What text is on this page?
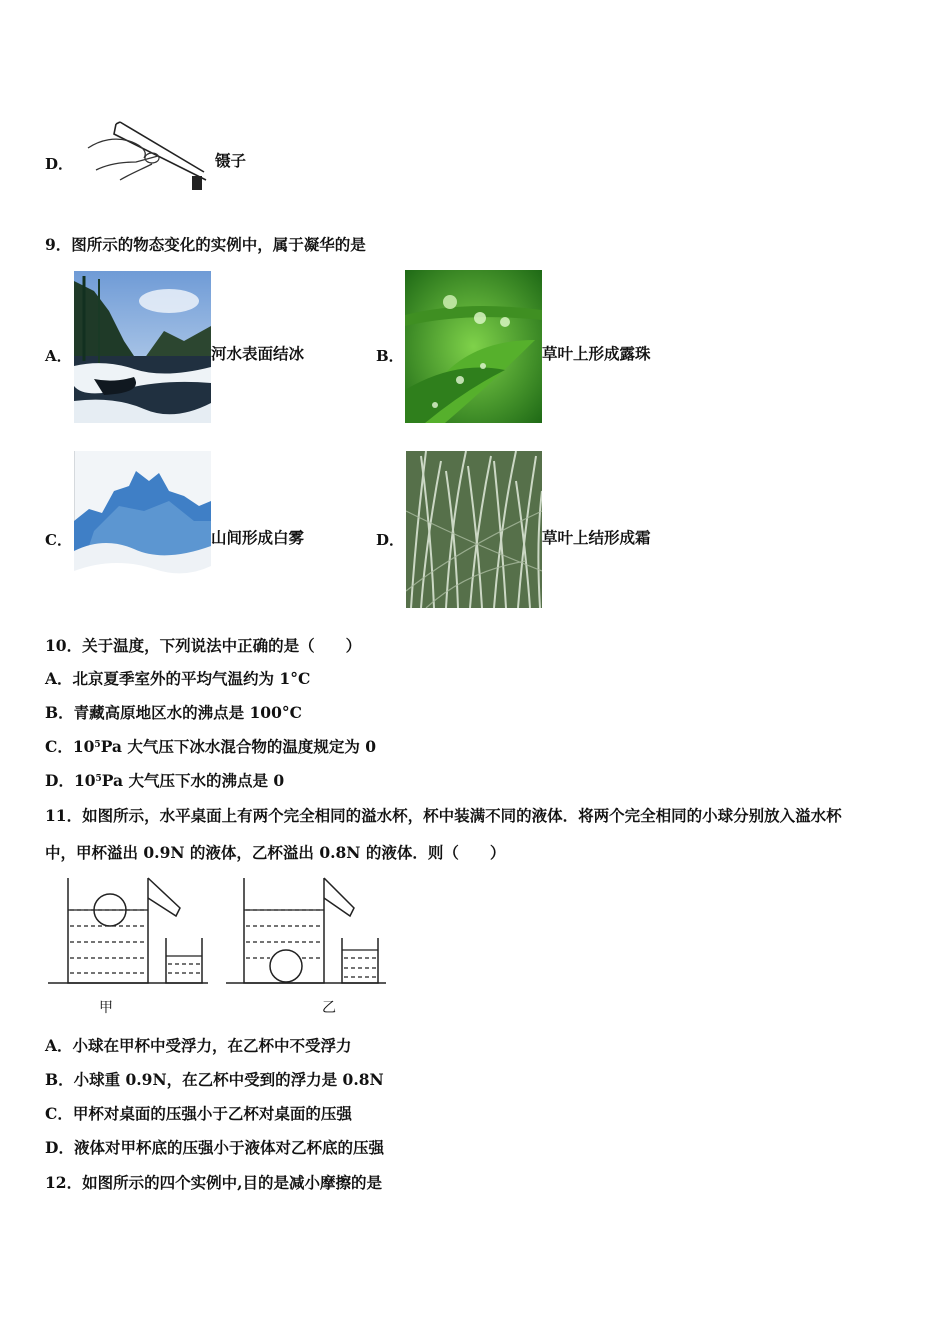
D．	镊子
9．图所示的物态变化的实例中，属于凝华的是
A．	河水表面结冰	B．	草叶上形成露珠
C．	山间形成白雾	D．	草叶上结形成霜
10．关于温度，下列说法中正确的是（　　）
A．北京夏季室外的平均气温约为 1°C
B．青藏高原地区水的沸点是 100°C
C．$10^5Pa$ 大气压下冰水混合物的温度规定为 0
D．$10^5Pa$ 大气压下水的沸点是 0
11．如图所示，水平桌面上有两个完全相同的溢水杯，杯中装满不同的液体．将两个完全相同的小球分别放入溢水杯
中，甲杯溢出 0.9N 的液体，乙杯溢出 0.8N 的液体．则（　　）
甲	乙
A．小球在甲杯中受浮力，在乙杯中不受浮力
B．小球重 0.9N，在乙杯中受到的浮力是 0.8N
C．甲杯对桌面的压强小于乙杯对桌面的压强
D．液体对甲杯底的压强小于液体对乙杯底的压强
12．如图所示的四个实例中,目的是减小摩擦的是
